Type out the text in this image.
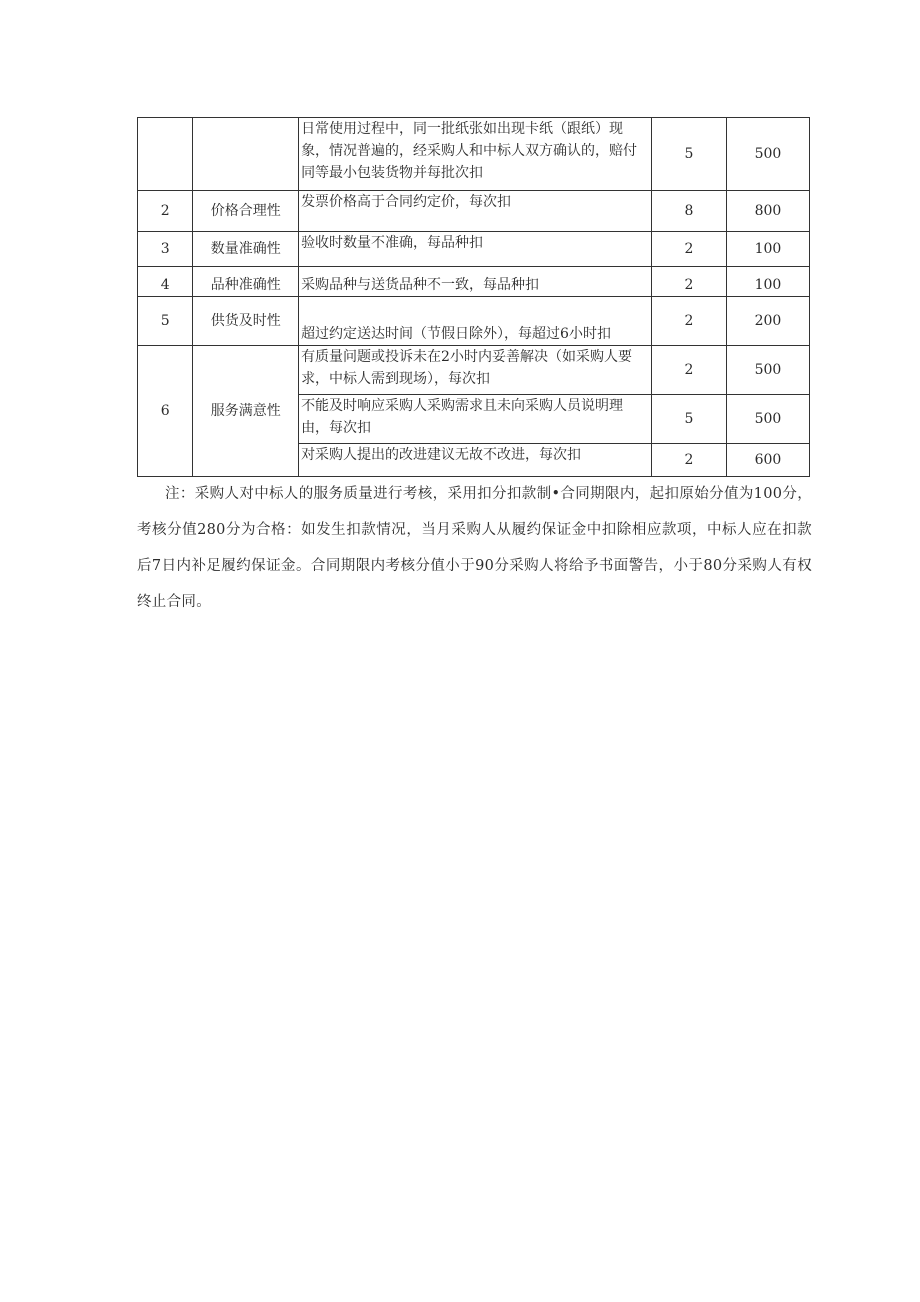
		日常使用过程中，同一批纸张如出现卡纸（跟纸）现象，情况普遍的，经采购人和中标人双方确认的，赔付同等最小包装货物并每批次扣	5	500
2	价格合理性	发票价格高于合同约定价，每次扣	8	800
3	数量准确性	验收时数量不准确，每品种扣	2	100
4	品种准确性	采购品种与送货品种不一致，每品种扣	2	100
5	供货及时性	超过约定送达时间（节假日除外），每超过6小时扣	2	200
6	服务满意性	有质量问题或投诉未在2小时内妥善解决（如采购人要求，中标人需到现场），每次扣	2	500
		不能及时响应采购人采购需求且未向采购人员说明理由，每次扣	5	500
		对采购人提出的改进建议无故不改进，每次扣	2	600

注：采购人对中标人的服务质量进行考核，采用扣分扣款制•合同期限内，起扣原始分值为100分，考核分值280分为合格：如发生扣款情况，当月采购人从履约保证金中扣除相应款项，中标人应在扣款后7日内补足履约保证金。合同期限内考核分值小于90分采购人将给予书面警告，小于80分采购人有权终止合同。
